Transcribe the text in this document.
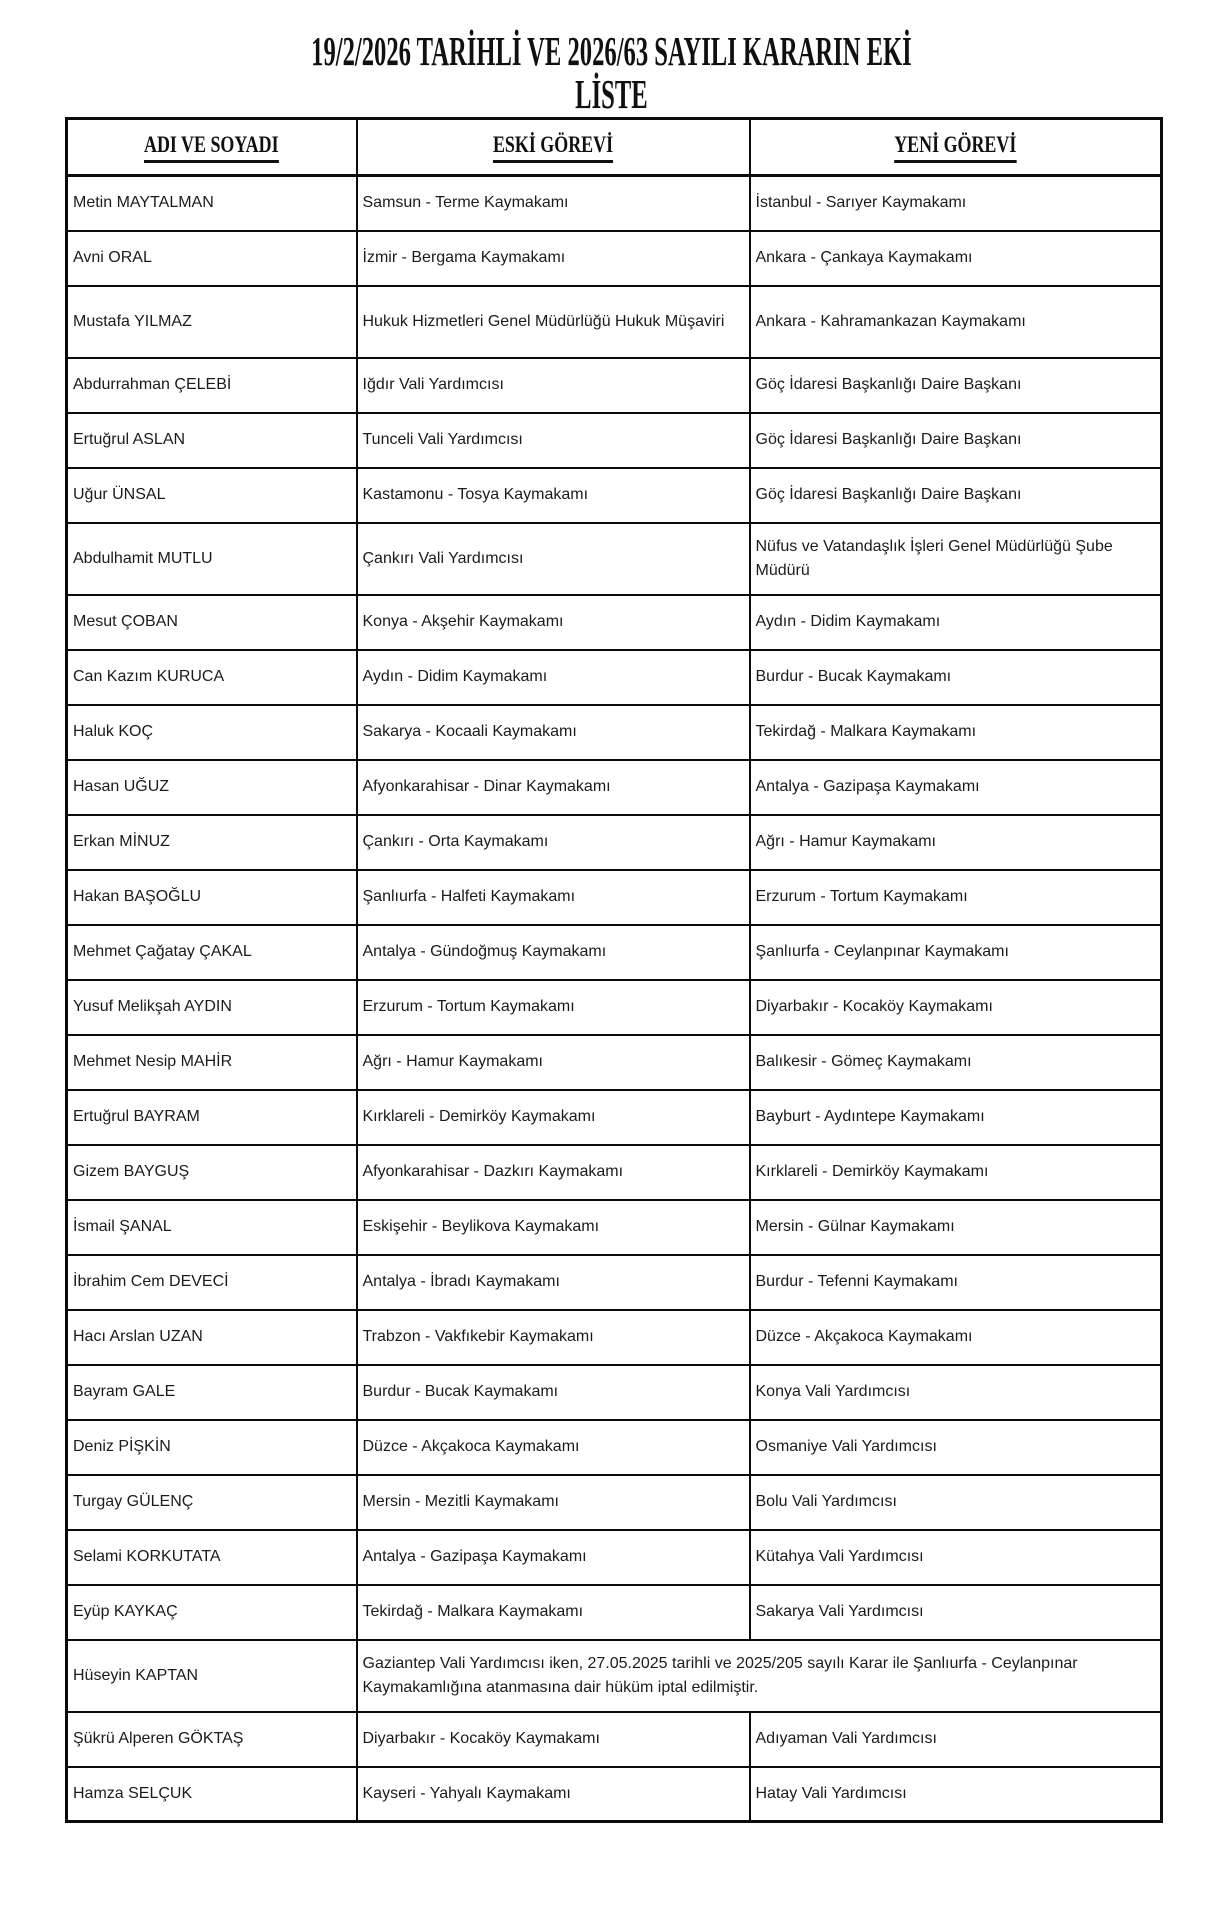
19/2/2026 TARİHLİ VE 2026/63 SAYILI KARARIN EKİ
LİSTE
ADI VE SOYADI	ESKİ GÖREVİ	YENİ GÖREVİ
Metin MAYTALMAN	Samsun - Terme Kaymakamı	İstanbul - Sarıyer Kaymakamı
Avni ORAL	İzmir - Bergama Kaymakamı	Ankara - Çankaya Kaymakamı
Mustafa YILMAZ	Hukuk Hizmetleri Genel Müdürlüğü Hukuk Müşaviri	Ankara - Kahramankazan Kaymakamı
Abdurrahman ÇELEBİ	Iğdır Vali Yardımcısı	Göç İdaresi Başkanlığı Daire Başkanı
Ertuğrul ASLAN	Tunceli Vali Yardımcısı	Göç İdaresi Başkanlığı Daire Başkanı
Uğur ÜNSAL	Kastamonu - Tosya Kaymakamı	Göç İdaresi Başkanlığı Daire Başkanı
Abdulhamit MUTLU	Çankırı Vali Yardımcısı	Nüfus ve Vatandaşlık İşleri Genel Müdürlüğü Şube Müdürü
Mesut ÇOBAN	Konya - Akşehir Kaymakamı	Aydın - Didim Kaymakamı
Can Kazım KURUCA	Aydın - Didim Kaymakamı	Burdur - Bucak Kaymakamı
Haluk KOÇ	Sakarya - Kocaali Kaymakamı	Tekirdağ - Malkara Kaymakamı
Hasan UĞUZ	Afyonkarahisar - Dinar Kaymakamı	Antalya - Gazipaşa Kaymakamı
Erkan MİNUZ	Çankırı - Orta Kaymakamı	Ağrı - Hamur Kaymakamı
Hakan BAŞOĞLU	Şanlıurfa - Halfeti Kaymakamı	Erzurum - Tortum Kaymakamı
Mehmet Çağatay ÇAKAL	Antalya - Gündoğmuş Kaymakamı	Şanlıurfa - Ceylanpınar Kaymakamı
Yusuf Melikşah AYDIN	Erzurum - Tortum Kaymakamı	Diyarbakır - Kocaköy Kaymakamı
Mehmet Nesip MAHİR	Ağrı - Hamur Kaymakamı	Balıkesir - Gömeç Kaymakamı
Ertuğrul BAYRAM	Kırklareli - Demirköy Kaymakamı	Bayburt - Aydıntepe Kaymakamı
Gizem BAYGUŞ	Afyonkarahisar - Dazkırı Kaymakamı	Kırklareli - Demirköy Kaymakamı
İsmail ŞANAL	Eskişehir - Beylikova Kaymakamı	Mersin - Gülnar Kaymakamı
İbrahim Cem DEVECİ	Antalya - İbradı Kaymakamı	Burdur - Tefenni Kaymakamı
Hacı Arslan UZAN	Trabzon - Vakfıkebir Kaymakamı	Düzce - Akçakoca Kaymakamı
Bayram GALE	Burdur - Bucak Kaymakamı	Konya Vali Yardımcısı
Deniz PİŞKİN	Düzce - Akçakoca Kaymakamı	Osmaniye Vali Yardımcısı
Turgay GÜLENÇ	Mersin - Mezitli Kaymakamı	Bolu Vali Yardımcısı
Selami KORKUTATA	Antalya - Gazipaşa Kaymakamı	Kütahya Vali Yardımcısı
Eyüp KAYKAÇ	Tekirdağ - Malkara Kaymakamı	Sakarya Vali Yardımcısı
Hüseyin KAPTAN	Gaziantep Vali Yardımcısı iken, 27.05.2025 tarihli ve 2025/205 sayılı Karar ile Şanlıurfa - Ceylanpınar Kaymakamlığına atanmasına dair hüküm iptal edilmiştir.	
Şükrü Alperen GÖKTAŞ	Diyarbakır - Kocaköy Kaymakamı	Adıyaman Vali Yardımcısı
Hamza SELÇUK	Kayseri - Yahyalı Kaymakamı	Hatay Vali Yardımcısı
